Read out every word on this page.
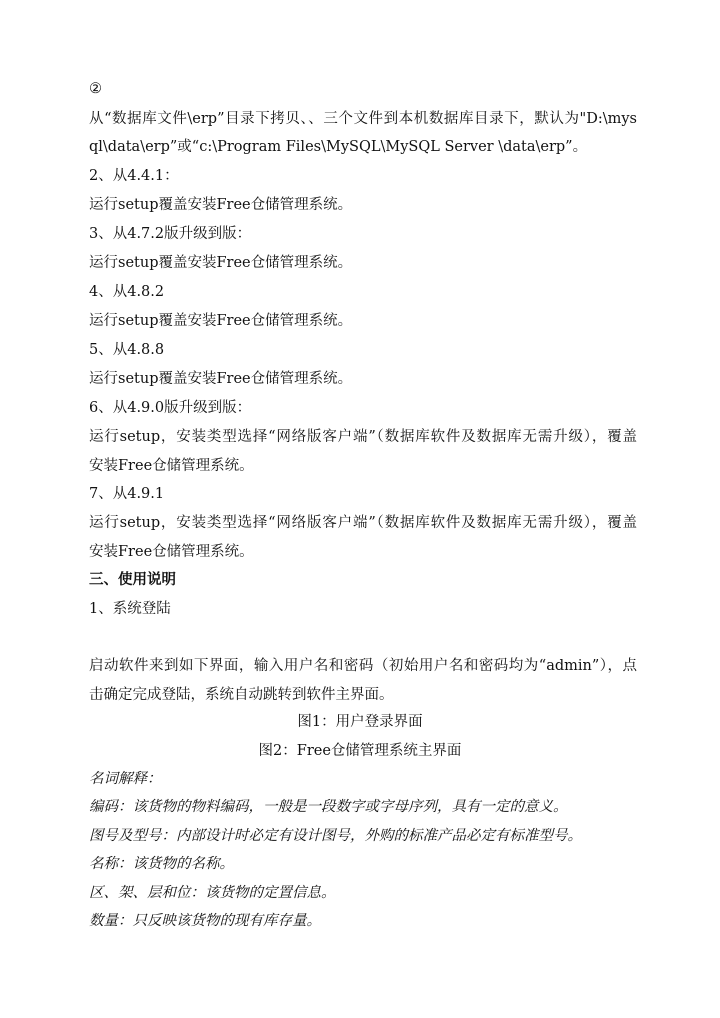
②
从“数据库文件\erp”目录下拷贝、、三个文件到本机数据库目录下，默认为"D:\mys
ql\data\erp”或“c:\Program Files\MySQL\MySQL Server \data\erp”。
2、从4.4.1：
运行setup覆盖安装Free仓储管理系统。
3、从4.7.2版升级到版：
运行setup覆盖安装Free仓储管理系统。
4、从4.8.2
运行setup覆盖安装Free仓储管理系统。
5、从4.8.8
运行setup覆盖安装Free仓储管理系统。
6、从4.9.0版升级到版：
运行setup，安装类型选择“网络版客户端”（数据库软件及数据库无需升级），覆盖
安装Free仓储管理系统。
7、从4.9.1
运行setup，安装类型选择“网络版客户端”（数据库软件及数据库无需升级），覆盖
安装Free仓储管理系统。
三、使用说明
1、系统登陆
启动软件来到如下界面，输入用户名和密码（初始用户名和密码均为“admin”），点
击确定完成登陆，系统自动跳转到软件主界面。
图1：用户登录界面
图2：Free仓储管理系统主界面
名词解释：
编码：该货物的物料编码，一般是一段数字或字母序列，具有一定的意义。
图号及型号：内部设计时必定有设计图号，外购的标准产品必定有标准型号。
名称：该货物的名称。
区、架、层和位：该货物的定置信息。
数量：只反映该货物的现有库存量。
